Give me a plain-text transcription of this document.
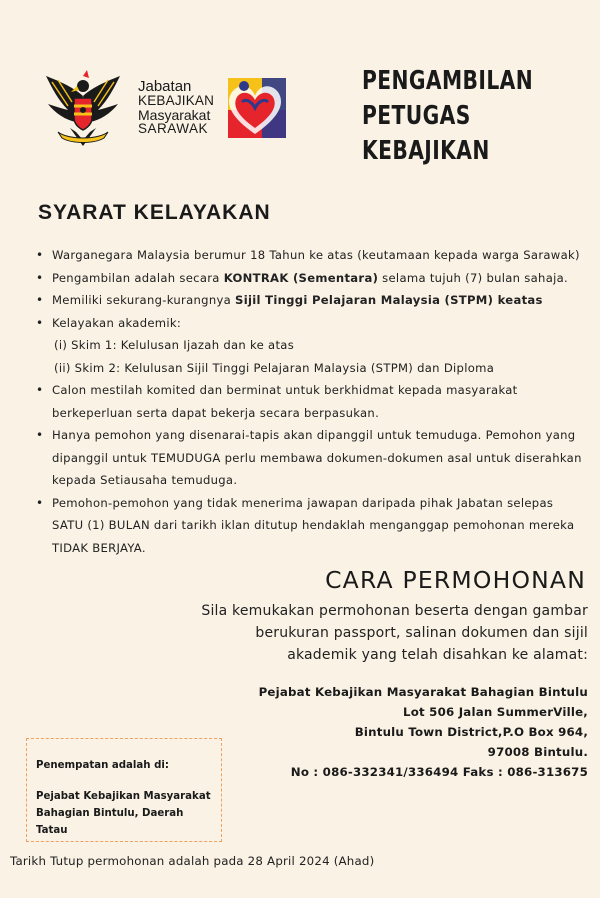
Jabatan
KEBAJIKAN
Masyarakat
SARAWAK
PENGAMBILAN
PETUGAS
KEBAJIKAN
SYARAT KELAYAKAN
• Warganegara Malaysia berumur 18 Tahun ke atas (keutamaan kepada warga Sarawak)
• Pengambilan adalah secara KONTRAK (Sementara) selama tujuh (7) bulan sahaja.
• Memiliki sekurang-kurangnya Sijil Tinggi Pelajaran Malaysia (STPM) keatas
• Kelayakan akademik:
(i) Skim 1: Kelulusan Ijazah dan ke atas
(ii) Skim 2: Kelulusan Sijil Tinggi Pelajaran Malaysia (STPM) dan Diploma
• Calon mestilah komited dan berminat untuk berkhidmat kepada masyarakat berkeperluan serta dapat bekerja secara berpasukan.
• Hanya pemohon yang disenarai-tapis akan dipanggil untuk temuduga. Pemohon yang dipanggil untuk TEMUDUGA perlu membawa dokumen-dokumen asal untuk diserahkan kepada Setiausaha temuduga.
• Pemohon-pemohon yang tidak menerima jawapan daripada pihak Jabatan selepas SATU (1) BULAN dari tarikh iklan ditutup hendaklah menganggap pemohonan mereka TIDAK BERJAYA.
CARA PERMOHONAN
Sila kemukakan permohonan beserta dengan gambar berukuran passport, salinan dokumen dan sijil akademik yang telah disahkan ke alamat:
Pejabat Kebajikan Masyarakat Bahagian Bintulu
Lot 506 Jalan SummerVille,
Bintulu Town District,P.O Box 964,
97008 Bintulu.
No : 086-332341/336494 Faks : 086-313675
Penempatan adalah di:
Pejabat Kebajikan Masyarakat Bahagian Bintulu, Daerah Tatau
Tarikh Tutup permohonan adalah pada 28 April 2024 (Ahad)
